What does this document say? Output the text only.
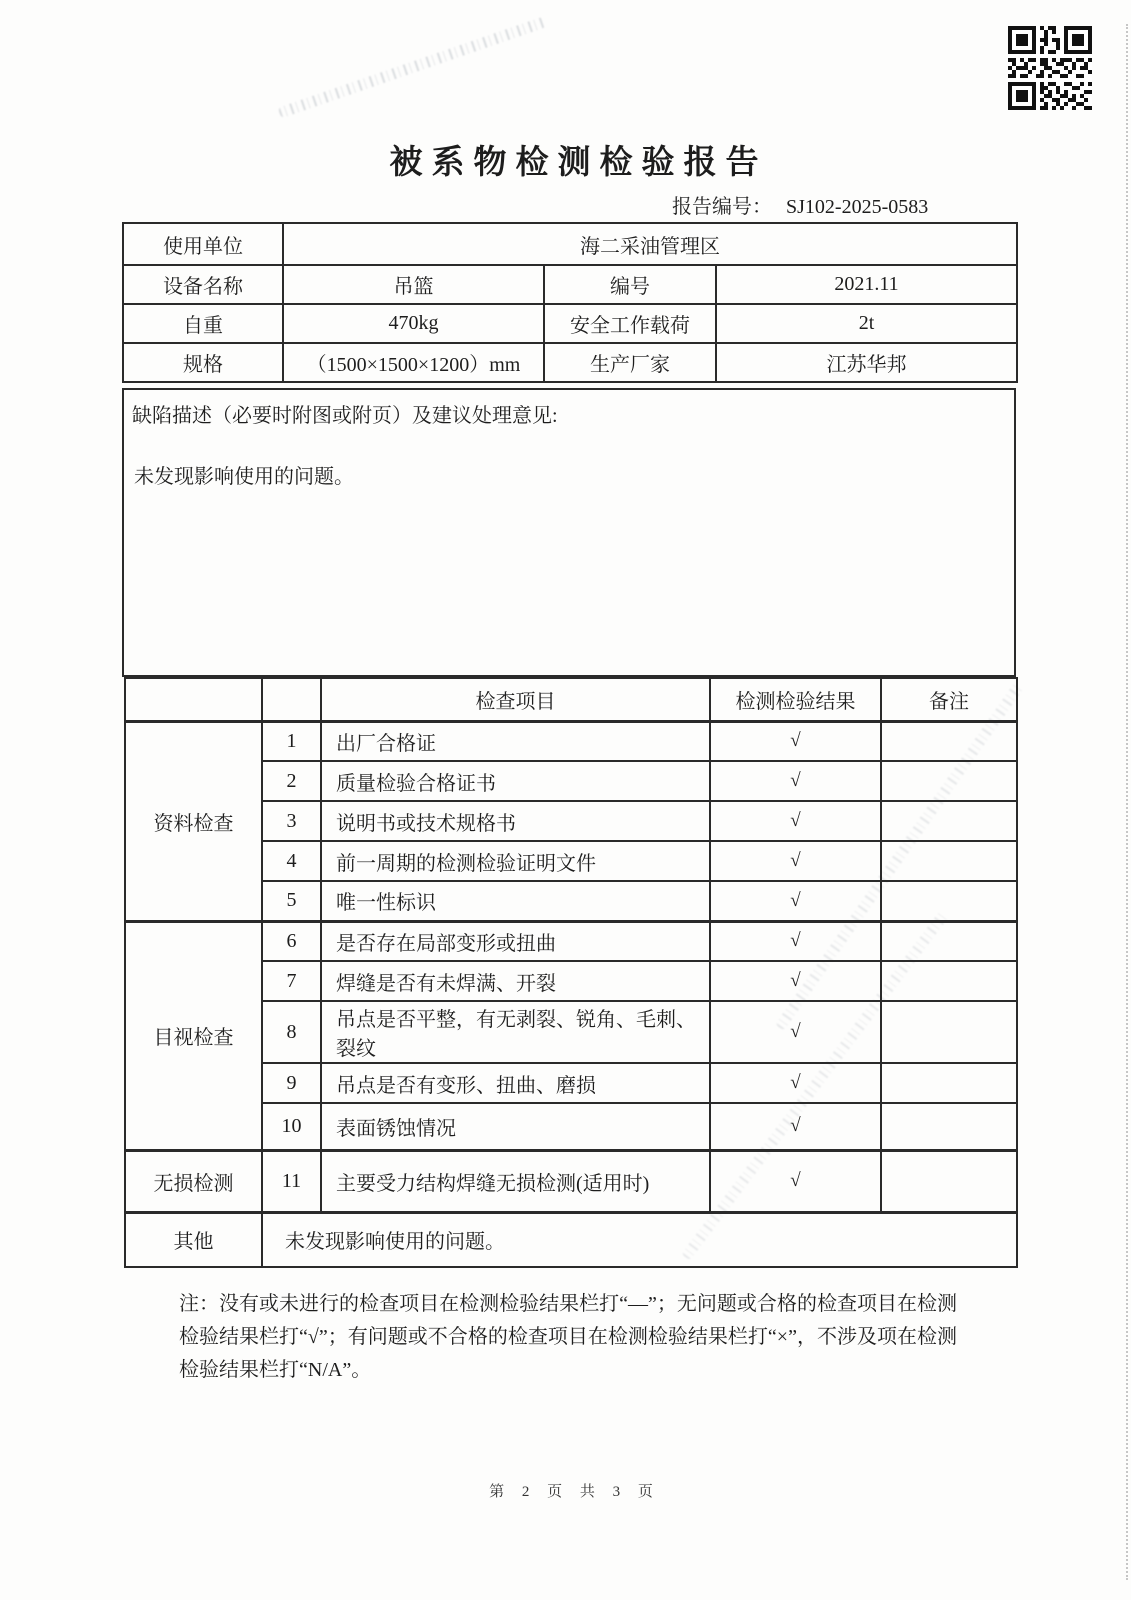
被系物检测检验报告
报告编号： SJ102-2025-0583
使用单位	海二采油管理区		
设备名称	吊篮	编号	2021.11
自重	470kg	安全工作载荷	2t
规格	（1500×1500×1200）mm	生产厂家	江苏华邦
缺陷描述（必要时附图或附页）及建议处理意见:
未发现影响使用的问题。
		检查项目	检测检验结果	备注
资料检查	1	出厂合格证	√	
	2	质量检验合格证书	√	
	3	说明书或技术规格书	√	
	4	前一周期的检测检验证明文件	√	
	5	唯一性标识	√	
目视检查	6	是否存在局部变形或扭曲	√	
	7	焊缝是否有未焊满、开裂	√	
	8	吊点是否平整，有无剥裂、锐角、毛刺、裂纹	√	
	9	吊点是否有变形、扭曲、磨损	√	
	10	表面锈蚀情况	√	
无损检测	11	主要受力结构焊缝无损检测(适用时)	√	
其他	未发现影响使用的问题。			
注：没有或未进行的检查项目在检测检验结果栏打“—”；无问题或合格的检查项目在检测检验结果栏打“√”；有问题或不合格的检查项目在检测检验结果栏打“×”，不涉及项在检测检验结果栏打“N/A”。
第 2 页 共 3 页
